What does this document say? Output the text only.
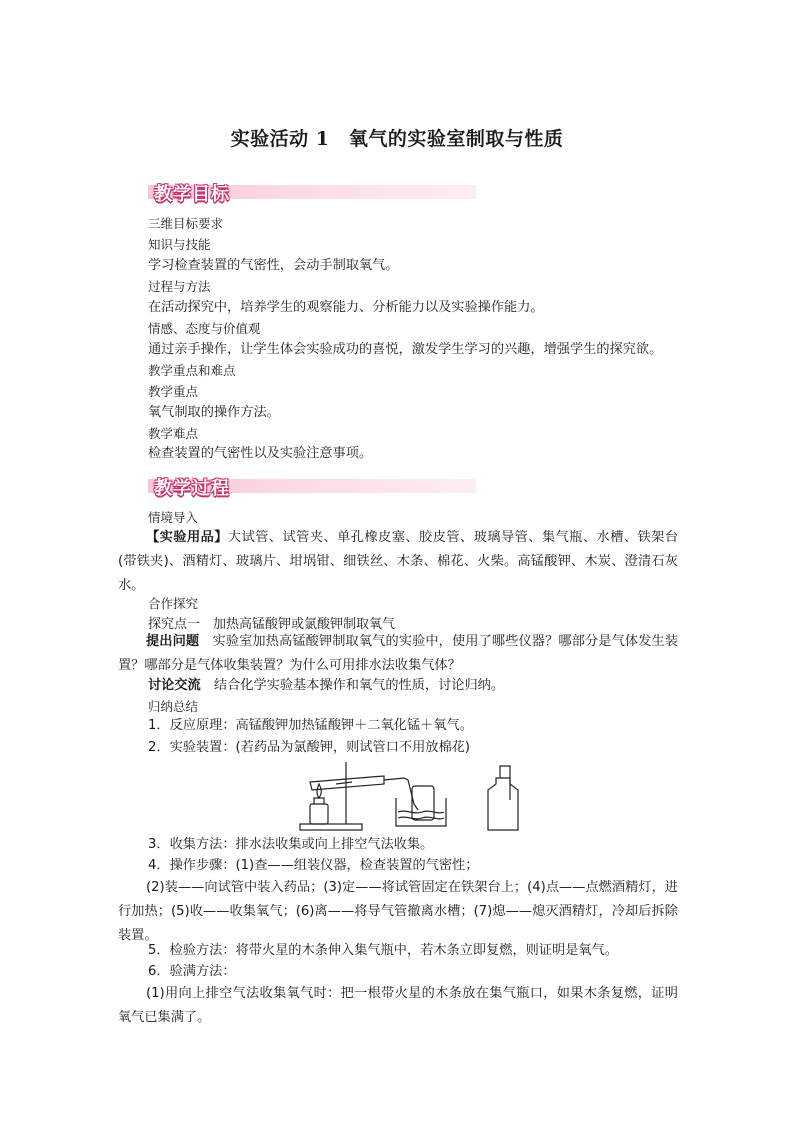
实验活动 1　氧气的实验室制取与性质
教学目标
三维目标要求
知识与技能
学习检查装置的气密性，会动手制取氧气。
过程与方法
在活动探究中，培养学生的观察能力、分析能力以及实验操作能力。
情感、态度与价值观
通过亲手操作，让学生体会实验成功的喜悦，激发学生学习的兴趣，增强学生的探究欲。
教学重点和难点
教学重点
氧气制取的操作方法。
教学难点
检查装置的气密性以及实验注意事项。
教学过程
情境导入

【实验用品】大试管、试管夹、单孔橡皮塞、胶皮管、玻璃导管、集气瓶、水槽、铁架台(带铁夹)、酒精灯、玻璃片、坩埚钳、细铁丝、木条、棉花、火柴。高锰酸钾、木炭、澄清石灰水。

合作探究
探究点一　加热高锰酸钾或氯酸钾制取氧气

提出问题　实验室加热高锰酸钾制取氧气的实验中，使用了哪些仪器？哪部分是气体发生装置？哪部分是气体收集装置？为什么可用排水法收集气体？

讨论交流　结合化学实验基本操作和氧气的性质，讨论归纳。
归纳总结
1．反应原理：高锰酸钾加热锰酸钾＋二氧化锰＋氧气。
2．实验装置：(若药品为氯酸钾，则试管口不用放棉花)
3．收集方法：排水法收集或向上排空气法收集。
4．操作步骤：(1)查——组装仪器，检查装置的气密性；

(2)装——向试管中装入药品；(3)定——将试管固定在铁架台上；(4)点——点燃酒精灯，进行加热；(5)收——收集氧气；(6)离——将导气管撤离水槽；(7)熄——熄灭酒精灯，冷却后拆除装置。

5．检验方法：将带火星的木条伸入集气瓶中，若木条立即复燃，则证明是氧气。
6．验满方法：

(1)用向上排空气法收集氧气时：把一根带火星的木条放在集气瓶口，如果木条复燃，证明氧气已集满了。
